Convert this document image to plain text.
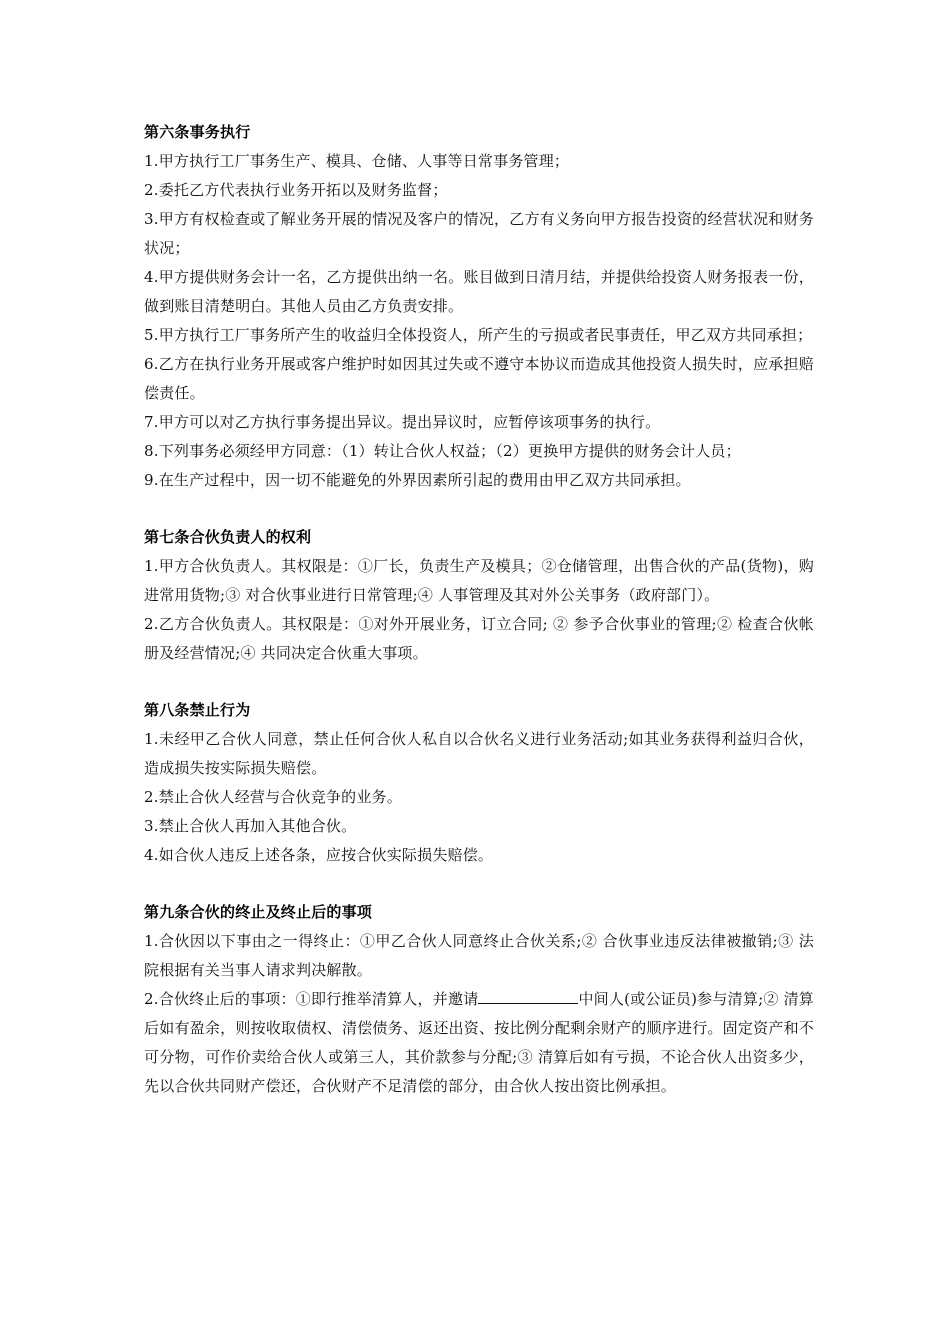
第六条事务执行

1.甲方执行工厂事务生产、模具、仓储、人事等日常事务管理；

2.委托乙方代表执行业务开拓以及财务监督；

3.甲方有权检查或了解业务开展的情况及客户的情况，乙方有义务向甲方报告投资的经营状况和财务状况；

4.甲方提供财务会计一名，乙方提供出纳一名。账目做到日清月结，并提供给投资人财务报表一份，做到账目清楚明白。其他人员由乙方负责安排。

5.甲方执行工厂事务所产生的收益归全体投资人，所产生的亏损或者民事责任，甲乙双方共同承担；

6.乙方在执行业务开展或客户维护时如因其过失或不遵守本协议而造成其他投资人损失时，应承担赔偿责任。

7.甲方可以对乙方执行事务提出异议。提出异议时，应暂停该项事务的执行。

8.下列事务必须经甲方同意：（1）转让合伙人权益；（2）更换甲方提供的财务会计人员；

9.在生产过程中，因一切不能避免的外界因素所引起的费用由甲乙双方共同承担。

第七条合伙负责人的权利

1.甲方合伙负责人。其权限是：①厂长，负责生产及模具；②仓储管理，出售合伙的产品(货物)，购进常用货物;③ 对合伙事业进行日常管理;④ 人事管理及其对外公关事务（政府部门）。

2.乙方合伙负责人。其权限是：①对外开展业务，订立合同; ② 参予合伙事业的管理;② 检查合伙帐册及经营情况;④ 共同决定合伙重大事项。

第八条禁止行为

1.未经甲乙合伙人同意，禁止任何合伙人私自以合伙名义进行业务活动;如其业务获得利益归合伙，造成损失按实际损失赔偿。

2.禁止合伙人经营与合伙竞争的业务。

3.禁止合伙人再加入其他合伙。

4.如合伙人违反上述各条，应按合伙实际损失赔偿。

第九条合伙的终止及终止后的事项

1.合伙因以下事由之一得终止：①甲乙合伙人同意终止合伙关系;② 合伙事业违反法律被撤销;③ 法院根据有关当事人请求判决解散。

2.合伙终止后的事项：①即行推举清算人，并邀请	中间人(或公证员)参与清算;② 清算后如有盈余，则按收取债权、清偿债务、返还出资、按比例分配剩余财产的顺序进行。固定资产和不可分物，可作价卖给合伙人或第三人，其价款参与分配;③ 清算后如有亏损，不论合伙人出资多少，先以合伙共同财产偿还，合伙财产不足清偿的部分，由合伙人按出资比例承担。
